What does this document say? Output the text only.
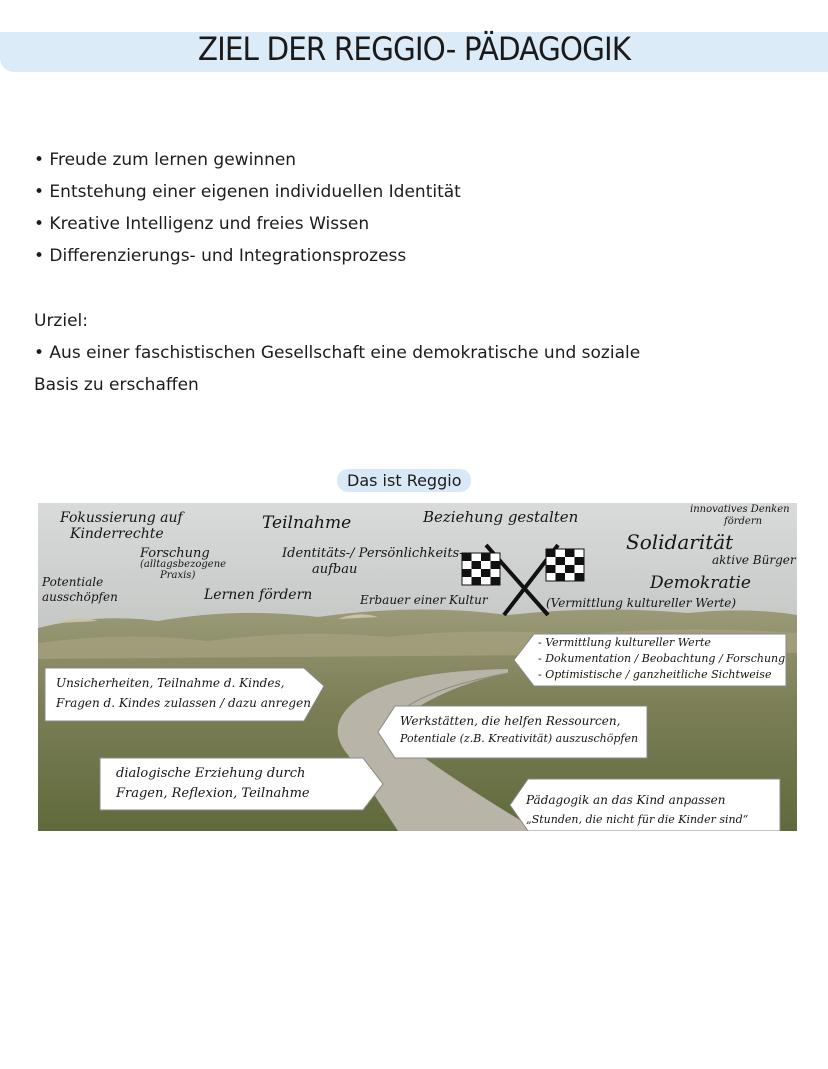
ZIEL DER REGGIO- PÄDAGOGIK
• Freude zum lernen gewinnen
• Entstehung einer eigenen individuellen Identität
• Kreative Intelligenz und freies Wissen
• Differenzierungs- und Integrationsprozess
Urziel:
• Aus einer faschistischen Gesellschaft eine demokratische und soziale
Basis zu erschaffen
Das ist Reggio
Fokussierung auf
Kinderrechte
Forschung
(alltagsbezogene
Praxis)
Potentiale
ausschöpfen	Lernen fördern
Teilnahme
Identitäts-/ Persönlichkeits-
aufbau
Beziehung gestalten
Erbauer einer Kultur	(Vermittlung kultureller Werte)
Solidarität
innovatives Denken
fördern
aktive Bürger
Demokratie
- Vermittlung kultureller Werte
- Dokumentation / Beobachtung / Forschung
- Optimistische / ganzheitliche Sichtweise
Unsicherheiten, Teilnahme d. Kindes,
Fragen d. Kindes zulassen / dazu anregen
Werkstätten, die helfen Ressourcen,
Potentiale (z.B. Kreativität) auszuschöpfen
dialogische Erziehung durch
Fragen, Reflexion, Teilnahme	Pädagogik an das Kind anpassen
„Stunden, die nicht für die Kinder sind“
